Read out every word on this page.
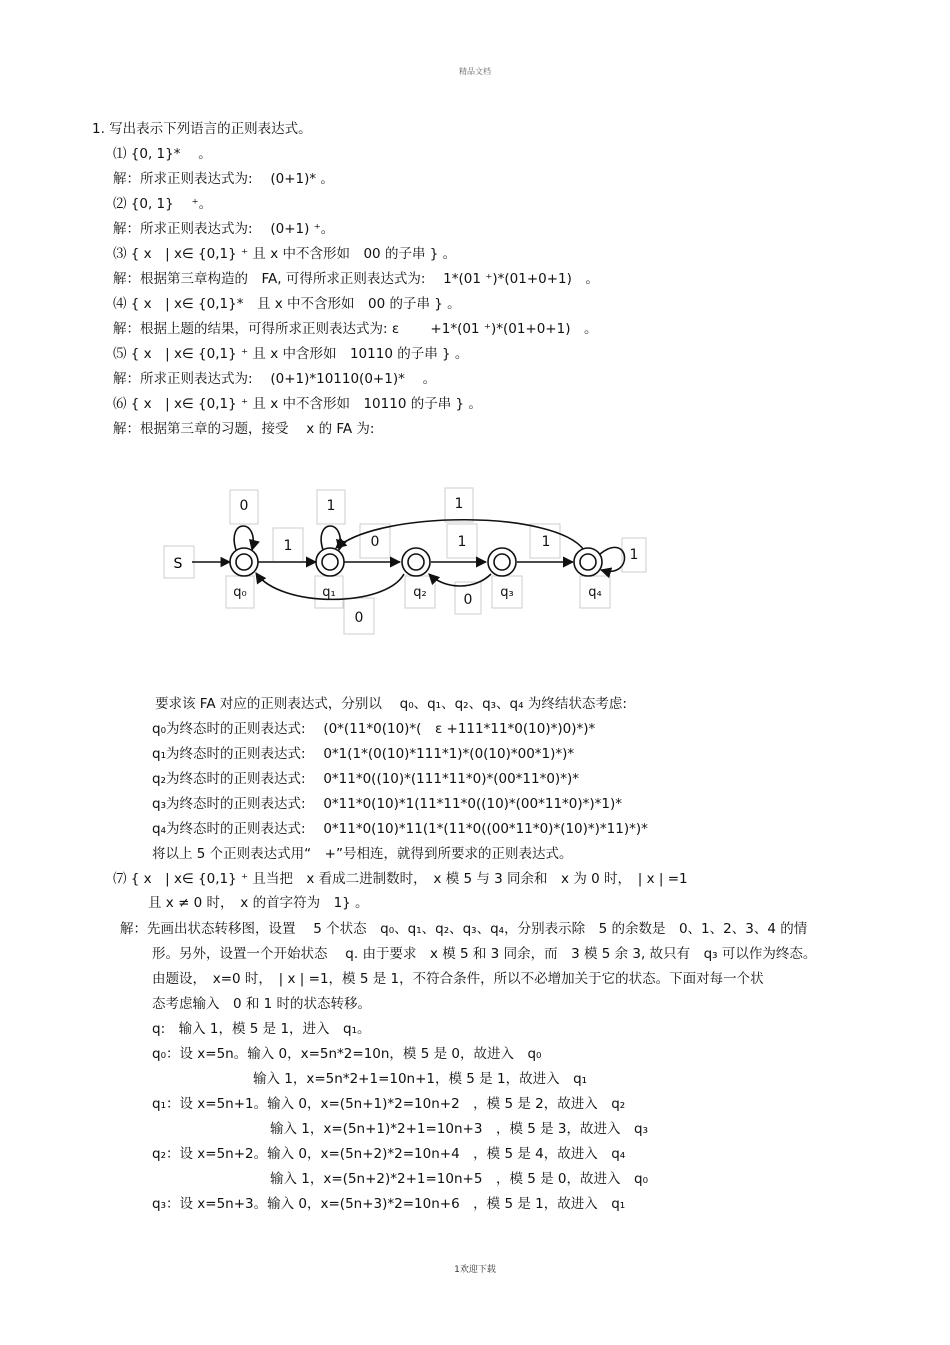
精品文档
1. 写出表示下列语言的正则表达式。
⑴ {0, 1}*　 。
解：所求正则表达式为:　 (0+1)* 。
⑵ {0, 1}　 ⁺。
解：所求正则表达式为:　 (0+1) ⁺。
⑶ { x　| x∈ {0,1} ⁺ 且 x 中不含形如　00 的子串 } 。
解：根据第三章构造的　FA, 可得所求正则表达式为:　 1*(01 ⁺)*(01+0+1)　。
⑷ { x　| x∈ {0,1}*　且 x 中不含形如　00 的子串 } 。
解：根据上题的结果，可得所求正则表达式为: ε　　 +1*(01 ⁺)*(01+0+1)　。
⑸ { x　| x∈ {0,1} ⁺ 且 x 中含形如　10110 的子串 } 。
解：所求正则表达式为:　 (0+1)*10110(0+1)*　 。
⑹ { x　| x∈ {0,1} ⁺ 且 x 中不含形如　10110 的子串 } 。
解：根据第三章的习题，接受　 x 的 FA 为:
S
0	1	1
1	0	1	1
1
0
0
q₀	q₁	q₂	q₃	q₄
要求该 FA 对应的正则表达式，分别以　 q₀、q₁、q₂、q₃、q₄ 为终结状态考虑:
q₀为终态时的正则表达式:　 (0*(11*0(10)*(　ε +111*11*0(10)*)0)*)*
q₁为终态时的正则表达式:　 0*1(1*(0(10)*111*1)*(0(10)*00*1)*)*
q₂为终态时的正则表达式:　 0*11*0((10)*(111*11*0)*(00*11*0)*)*
q₃为终态时的正则表达式:　 0*11*0(10)*1(11*11*0((10)*(00*11*0)*)*1)*
q₄为终态时的正则表达式:　 0*11*0(10)*11(1*(11*0((00*11*0)*(10)*)*11)*)*
将以上 5 个正则表达式用“　+”号相连，就得到所要求的正则表达式。
⑺ { x　| x∈ {0,1} ⁺ 且当把　x 看成二进制数时，　x 模 5 与 3 同余和　x 为 0 时，　| x | =1
且 x ≠ 0 时，　x 的首字符为　1} 。
解：先画出状态转移图，设置　 5 个状态　q₀、q₁、q₂、q₃、q₄，分别表示除　5 的余数是　0、1、2、3、4 的情
形。另外，设置一个开始状态　 q. 由于要求　x 模 5 和 3 同余，而　3 模 5 余 3, 故只有　q₃ 可以作为终态。
由题设，　x=0 时，　| x | =1，模 5 是 1，不符合条件，所以不必增加关于它的状态。下面对每一个状
态考虑输入　0 和 1 时的状态转移。
q:　输入 1，模 5 是 1，进入　q₁。
q₀：设 x=5n。输入 0，x=5n*2=10n，模 5 是 0，故进入　q₀
输入 1，x=5n*2+1=10n+1，模 5 是 1，故进入　q₁
q₁：设 x=5n+1。输入 0，x=(5n+1)*2=10n+2　，模 5 是 2，故进入　q₂
输入 1，x=(5n+1)*2+1=10n+3　，模 5 是 3，故进入　q₃
q₂：设 x=5n+2。输入 0，x=(5n+2)*2=10n+4　，模 5 是 4，故进入　q₄
输入 1，x=(5n+2)*2+1=10n+5　，模 5 是 0，故进入　q₀
q₃：设 x=5n+3。输入 0，x=(5n+3)*2=10n+6　，模 5 是 1，故进入　q₁
1欢迎下载
